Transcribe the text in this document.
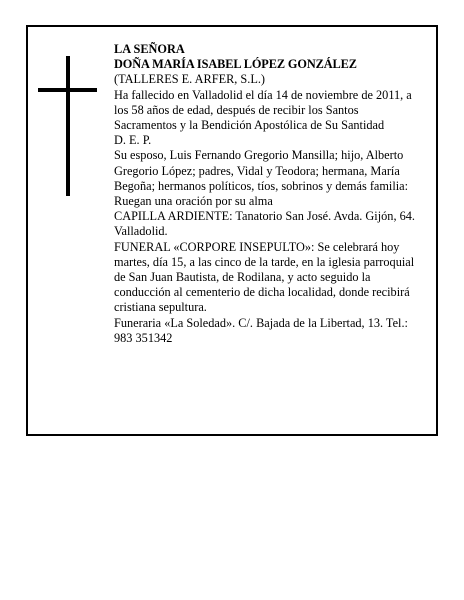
LA SEÑORA

DOÑA MARÍA ISABEL LÓPEZ GONZÁLEZ

(TALLERES E. ARFER, S.L.)

Ha fallecido en Valladolid el día 14 de noviembre de 2011, a los 58 años de edad, después de recibir los Santos Sacramentos y la Bendición Apostólica de Su Santidad

D. E. P.

Su esposo, Luis Fernando Gregorio Mansilla; hijo, Alberto Gregorio López; padres, Vidal y Teodora; hermana, María Begoña; hermanos políticos, tíos, sobrinos y demás familia:

Ruegan una oración por su alma

CAPILLA ARDIENTE: Tanatorio San José. Avda. Gijón, 64. Valladolid.

FUNERAL «CORPORE INSEPULTO»: Se celebrará hoy martes, día 15, a las cinco de la tarde, en la iglesia parroquial de San Juan Bautista, de Rodilana, y acto seguido la conducción al cementerio de dicha localidad, donde recibirá cristiana sepultura.

Funeraria «La Soledad». C/. Bajada de la Libertad, 13. Tel.: 983 351342
